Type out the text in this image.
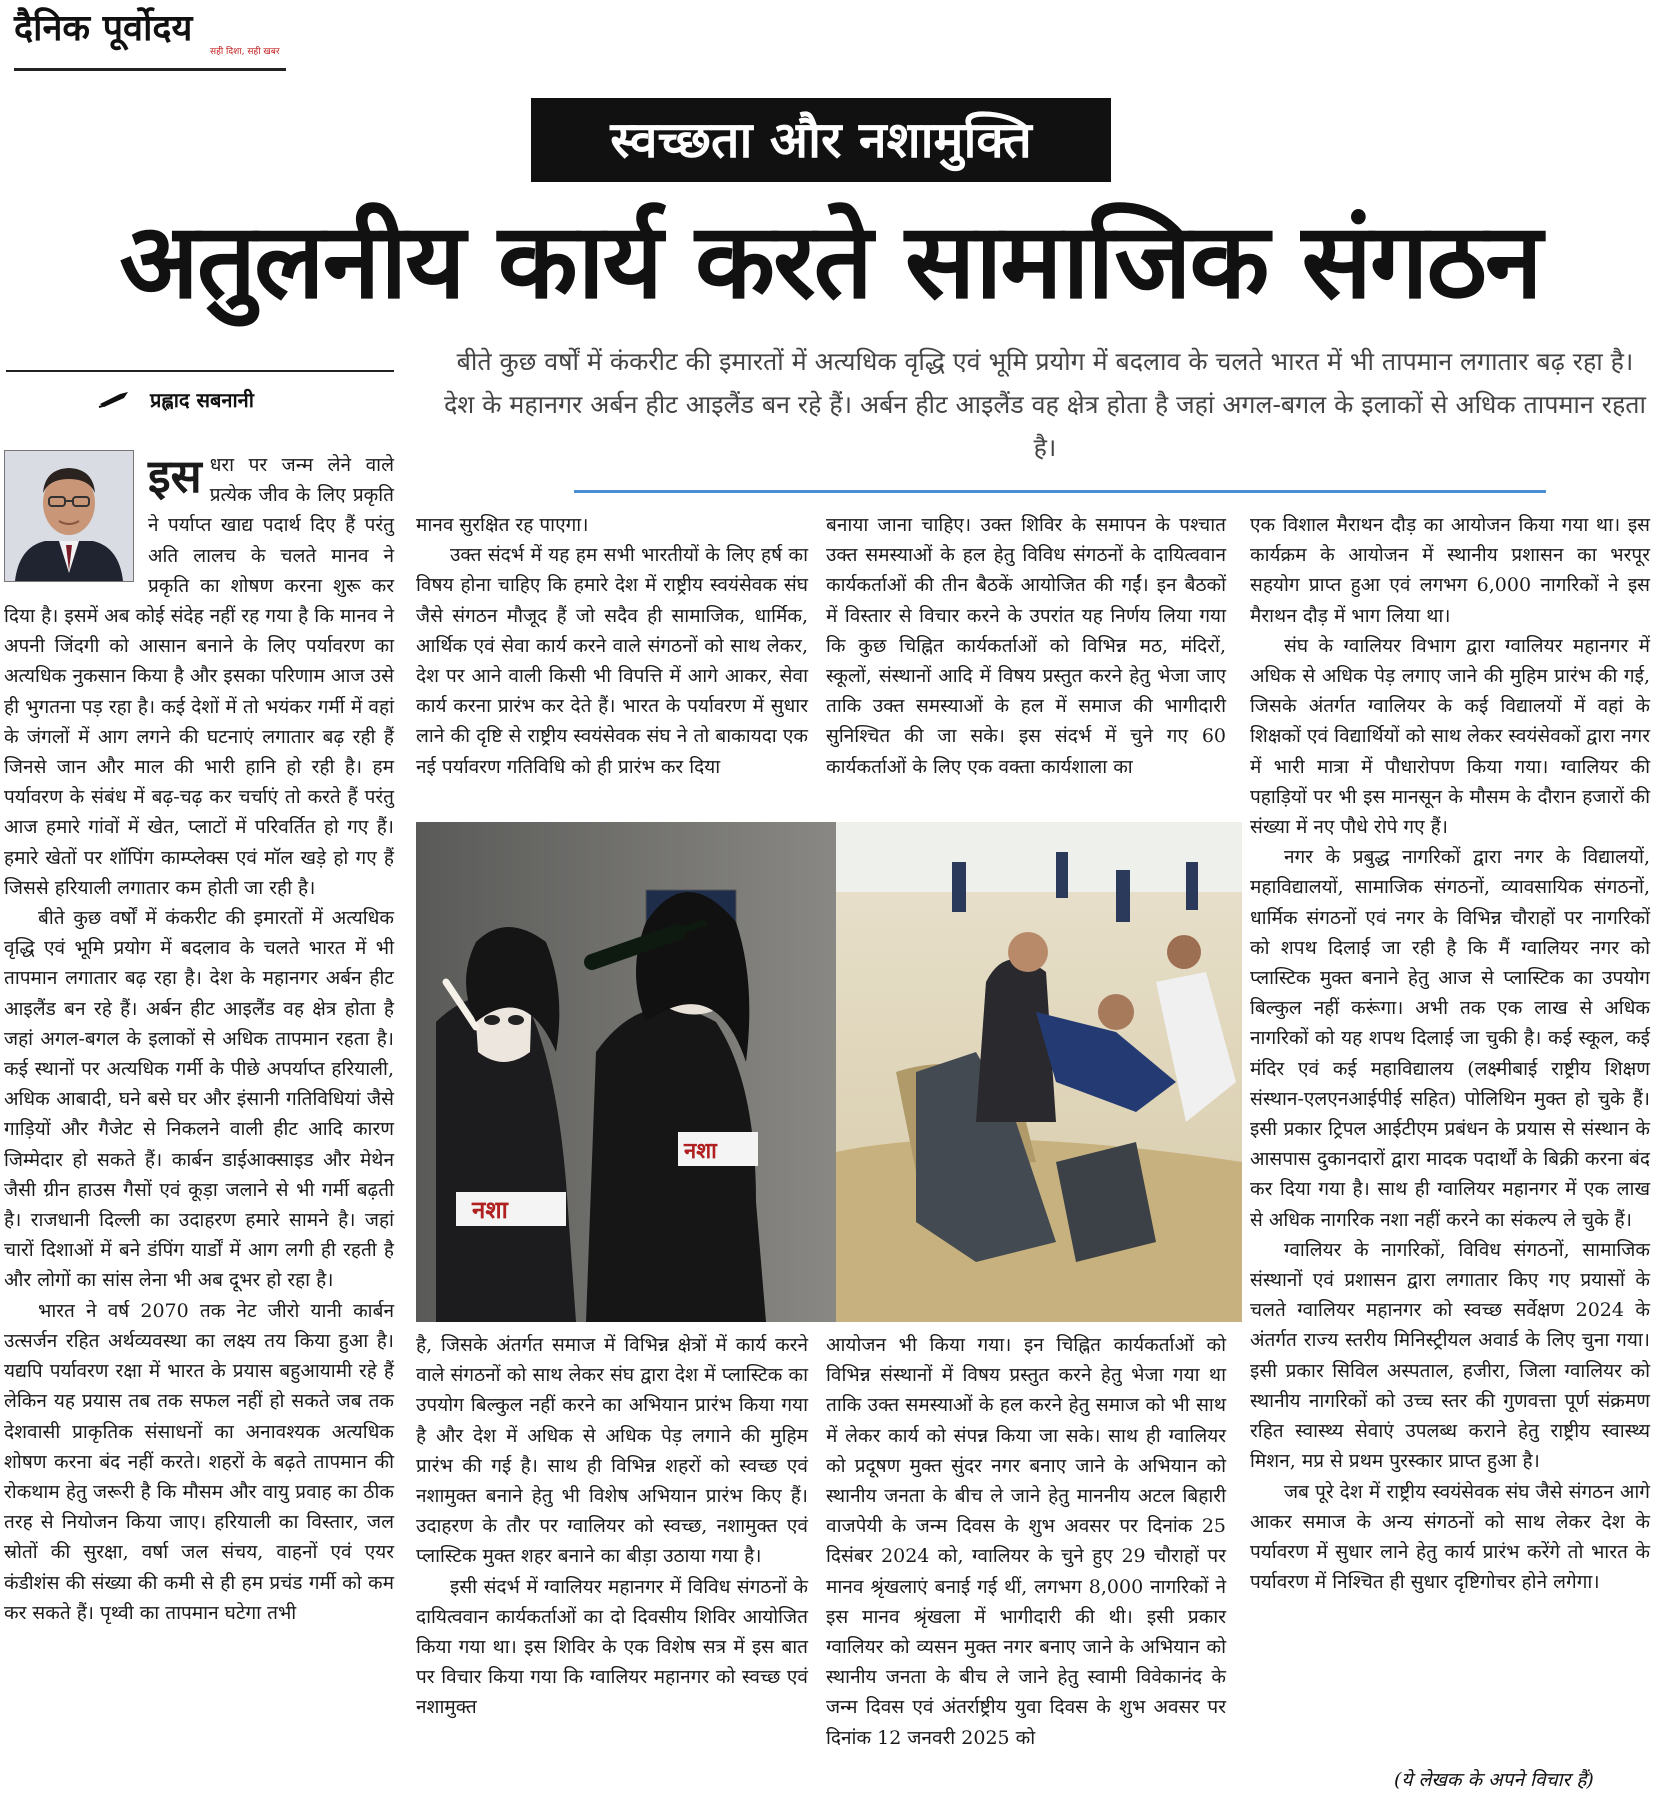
दैनिक पूर्वोदय
सही दिशा, सही खबर
स्वच्छता और नशामुक्ति
अतुलनीय कार्य करते सामाजिक संगठन
बीते कुछ वर्षों में कंकरीट की इमारतों में अत्यधिक वृद्धि एवं भूमि प्रयोग में बदलाव के चलते भारत में भी तापमान लगातार बढ़ रहा है। देश के महानगर अर्बन हीट आइलैंड बन रहे हैं। अर्बन हीट आइलैंड वह क्षेत्र होता है जहां अगल-बगल के इलाकों से अधिक तापमान रहता है।
प्रह्लाद सबनानी

इस धरा पर जन्म लेने वाले प्रत्येक जीव के लिए प्रकृति ने पर्याप्त खाद्य पदार्थ दिए हैं परंतु अति लालच के चलते मानव ने प्रकृति का शोषण करना शुरू कर दिया है। इसमें अब कोई संदेह नहीं रह गया है कि मानव ने अपनी जिंदगी को आसान बनाने के लिए पर्यावरण का अत्यधिक नुकसान किया है और इसका परिणाम आज उसे ही भुगतना पड़ रहा है। कई देशों में तो भयंकर गर्मी में वहां के जंगलों में आग लगने की घटनाएं लगातार बढ़ रही हैं जिनसे जान और माल की भारी हानि हो रही है। हम पर्यावरण के संबंध में बढ़-चढ़ कर चर्चाएं तो करते हैं परंतु आज हमारे गांवों में खेत, प्लाटों में परिवर्तित हो गए हैं। हमारे खेतों पर शॉपिंग काम्प्लेक्स एवं मॉल खड़े हो गए हैं जिससे हरियाली लगातार कम होती जा रही है।

बीते कुछ वर्षों में कंकरीट की इमारतों में अत्यधिक वृद्धि एवं भूमि प्रयोग में बदलाव के चलते भारत में भी तापमान लगातार बढ़ रहा है। देश के महानगर अर्बन हीट आइलैंड बन रहे हैं। अर्बन हीट आइलैंड वह क्षेत्र होता है जहां अगल-बगल के इलाकों से अधिक तापमान रहता है। कई स्थानों पर अत्यधिक गर्मी के पीछे अपर्याप्त हरियाली, अधिक आबादी, घने बसे घर और इंसानी गतिविधियां जैसे गाड़ियों और गैजेट से निकलने वाली हीट आदि कारण जिम्मेदार हो सकते हैं। कार्बन डाईआक्साइड और मेथेन जैसी ग्रीन हाउस गैसों एवं कूड़ा जलाने से भी गर्मी बढ़ती है। राजधानी दिल्ली का उदाहरण हमारे सामने है। जहां चारों दिशाओं में बने डंपिंग यार्डों में आग लगी ही रहती है और लोगों का सांस लेना भी अब दूभर हो रहा है।

भारत ने वर्ष 2070 तक नेट जीरो यानी कार्बन उत्सर्जन रहित अर्थव्यवस्था का लक्ष्य तय किया हुआ है। यद्यपि पर्यावरण रक्षा में भारत के प्रयास बहुआयामी रहे हैं लेकिन यह प्रयास तब तक सफल नहीं हो सकते जब तक देशवासी प्राकृतिक संसाधनों का अनावश्यक अत्यधिक शोषण करना बंद नहीं करते। शहरों के बढ़ते तापमान की रोकथाम हेतु जरूरी है कि मौसम और वायु प्रवाह का ठीक तरह से नियोजन किया जाए। हरियाली का विस्तार, जल स्रोतों की सुरक्षा, वर्षा जल संचय, वाहनों एवं एयर कंडीशंस की संख्या की कमी से ही हम प्रचंड गर्मी को कम कर सकते हैं। पृथ्वी का तापमान घटेगा तभी

मानव सुरक्षित रह पाएगा।

उक्त संदर्भ में यह हम सभी भारतीयों के लिए हर्ष का विषय होना चाहिए कि हमारे देश में राष्ट्रीय स्वयंसेवक संघ जैसे संगठन मौजूद हैं जो सदैव ही सामाजिक, धार्मिक, आर्थिक एवं सेवा कार्य करने वाले संगठनों को साथ लेकर, देश पर आने वाली किसी भी विपत्ति में आगे आकर, सेवा कार्य करना प्रारंभ कर देते हैं। भारत के पर्यावरण में सुधार लाने की दृष्टि से राष्ट्रीय स्वयंसेवक संघ ने तो बाकायदा एक नई पर्यावरण गतिविधि को ही प्रारंभ कर दिया

बनाया जाना चाहिए। उक्त शिविर के समापन के पश्चात उक्त समस्याओं के हल हेतु विविध संगठनों के दायित्ववान कार्यकर्ताओं की तीन बैठकें आयोजित की गईं। इन बैठकों में विस्तार से विचार करने के उपरांत यह निर्णय लिया गया कि कुछ चिह्नित कार्यकर्ताओं को विभिन्न मठ, मंदिरों, स्कूलों, संस्थानों आदि में विषय प्रस्तुत करने हेतु भेजा जाए ताकि उक्त समस्याओं के हल में समाज की भागीदारी सुनिश्चित की जा सके। इस संदर्भ में चुने गए 60 कार्यकर्ताओं के लिए एक वक्ता कार्यशाला का

नशा
नशा

है, जिसके अंतर्गत समाज में विभिन्न क्षेत्रों में कार्य करने वाले संगठनों को साथ लेकर संघ द्वारा देश में प्लास्टिक का उपयोग बिल्कुल नहीं करने का अभियान प्रारंभ किया गया है और देश में अधिक से अधिक पेड़ लगाने की मुहिम प्रारंभ की गई है। साथ ही विभिन्न शहरों को स्वच्छ एवं नशामुक्त बनाने हेतु भी विशेष अभियान प्रारंभ किए हैं। उदाहरण के तौर पर ग्वालियर को स्वच्छ, नशामुक्त एवं प्लास्टिक मुक्त शहर बनाने का बीड़ा उठाया गया है।

इसी संदर्भ में ग्वालियर महानगर में विविध संगठनों के दायित्ववान कार्यकर्ताओं का दो दिवसीय शिविर आयोजित किया गया था। इस शिविर के एक विशेष सत्र में इस बात पर विचार किया गया कि ग्वालियर महानगर को स्वच्छ एवं नशामुक्त

आयोजन भी किया गया। इन चिह्नित कार्यकर्ताओं को विभिन्न संस्थानों में विषय प्रस्तुत करने हेतु भेजा गया था ताकि उक्त समस्याओं के हल करने हेतु समाज को भी साथ में लेकर कार्य को संपन्न किया जा सके। साथ ही ग्वालियर को प्रदूषण मुक्त सुंदर नगर बनाए जाने के अभियान को स्थानीय जनता के बीच ले जाने हेतु माननीय अटल बिहारी वाजपेयी के जन्म दिवस के शुभ अवसर पर दिनांक 25 दिसंबर 2024 को, ग्वालियर के चुने हुए 29 चौराहों पर मानव श्रृंखलाएं बनाई गई थीं, लगभग 8,000 नागरिकों ने इस मानव श्रृंखला में भागीदारी की थी। इसी प्रकार ग्वालियर को व्यसन मुक्त नगर बनाए जाने के अभियान को स्थानीय जनता के बीच ले जाने हेतु स्वामी विवेकानंद के जन्म दिवस एवं अंतर्राष्ट्रीय युवा दिवस के शुभ अवसर पर दिनांक 12 जनवरी 2025 को

एक विशाल मैराथन दौड़ का आयोजन किया गया था। इस कार्यक्रम के आयोजन में स्थानीय प्रशासन का भरपूर सहयोग प्राप्त हुआ एवं लगभग 6,000 नागरिकों ने इस मैराथन दौड़ में भाग लिया था।

संघ के ग्वालियर विभाग द्वारा ग्वालियर महानगर में अधिक से अधिक पेड़ लगाए जाने की मुहिम प्रारंभ की गई, जिसके अंतर्गत ग्वालियर के कई विद्यालयों में वहां के शिक्षकों एवं विद्यार्थियों को साथ लेकर स्वयंसेवकों द्वारा नगर में भारी मात्रा में पौधारोपण किया गया। ग्वालियर की पहाड़ियों पर भी इस मानसून के मौसम के दौरान हजारों की संख्या में नए पौधे रोपे गए हैं।

नगर के प्रबुद्ध नागरिकों द्वारा नगर के विद्यालयों, महाविद्यालयों, सामाजिक संगठनों, व्यावसायिक संगठनों, धार्मिक संगठनों एवं नगर के विभिन्न चौराहों पर नागरिकों को शपथ दिलाई जा रही है कि मैं ग्वालियर नगर को प्लास्टिक मुक्त बनाने हेतु आज से प्लास्टिक का उपयोग बिल्कुल नहीं करूंगा। अभी तक एक लाख से अधिक नागरिकों को यह शपथ दिलाई जा चुकी है। कई स्कूल, कई मंदिर एवं कई महाविद्यालय (लक्ष्मीबाई राष्ट्रीय शिक्षण संस्थान-एलएनआईपीई सहित) पोलिथिन मुक्त हो चुके हैं। इसी प्रकार ट्रिपल आईटीएम प्रबंधन के प्रयास से संस्थान के आसपास दुकानदारों द्वारा मादक पदार्थों के बिक्री करना बंद कर दिया गया है। साथ ही ग्वालियर महानगर में एक लाख से अधिक नागरिक नशा नहीं करने का संकल्प ले चुके हैं।

ग्वालियर के नागरिकों, विविध संगठनों, सामाजिक संस्थानों एवं प्रशासन द्वारा लगातार किए गए प्रयासों के चलते ग्वालियर महानगर को स्वच्छ सर्वेक्षण 2024 के अंतर्गत राज्य स्तरीय मिनिस्ट्रीयल अवार्ड के लिए चुना गया। इसी प्रकार सिविल अस्पताल, हजीरा, जिला ग्वालियर को स्थानीय नागरिकों को उच्च स्तर की गुणवत्ता पूर्ण संक्रमण रहित स्वास्थ्य सेवाएं उपलब्ध कराने हेतु राष्ट्रीय स्वास्थ्य मिशन, मप्र से प्रथम पुरस्कार प्राप्त हुआ है।

जब पूरे देश में राष्ट्रीय स्वयंसेवक संघ जैसे संगठन आगे आकर समाज के अन्य संगठनों को साथ लेकर देश के पर्यावरण में सुधार लाने हेतु कार्य प्रारंभ करेंगे तो भारत के पर्यावरण में निश्चित ही सुधार दृष्टिगोचर होने लगेगा।

(ये लेखक के अपने विचार हैं)
